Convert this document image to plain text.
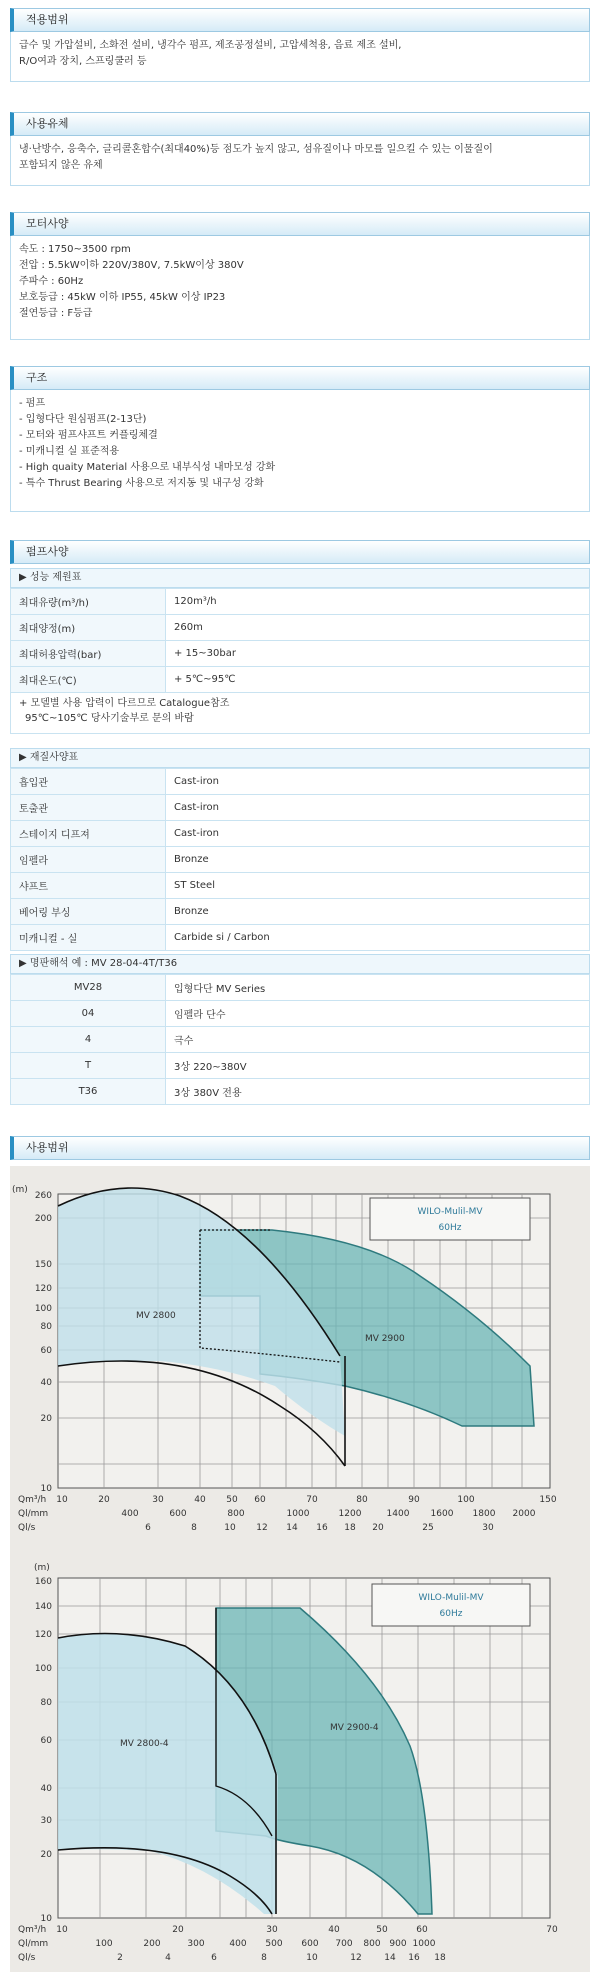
적용범위
급수 및 가압설비, 소화전 설비, 냉각수 펌프, 제조공정설비, 고압세척용, 음료 제조 설비,
R/O여과 장치, 스프링쿨러 등
사용유체
냉·난방수, 응축수, 글리콜혼합수(최대40%)등 점도가 높지 않고, 섬유질이나 마모를 일으킬 수 있는 이물질이
포함되지 않은 유체
모터사양
속도 : 1750~3500 rpm
전압 : 5.5kW이하 220V/380V, 7.5kW이상 380V
주파수 : 60Hz
보호등급 : 45kW 이하 IP55, 45kW 이상 IP23
절연등급 : F등급
구조
- 펌프
- 입형다단 원심펌프(2-13단)
- 모터와 펌프샤프트 커플링체결
- 미캐니컬 실 표준적용
- High quaity Material 사용으로 내부식성 내마모성 강화
- 특수 Thrust Bearing 사용으로 저지동 및 내구성 강화
펌프사양
▶ 성능 제원표
최대유량(m³/h)	120m³/h
최대양정(m)	260m
최대허용압력(bar)	+ 15~30bar
최대온도(℃)	+ 5℃~95℃
+ 모델별 사용 압력이 다르므로 Catalogue참조
95℃~105℃ 당사기술부로 문의 바람
▶ 재질사양표
흡입관	Cast-iron
토출관	Cast-iron
스테이지 디프져	Cast-iron
임펠라	Bronze
샤프트	ST Steel
베어링 부싱	Bronze
미캐니컬 - 실	Carbide si / Carbon
▶ 명판해석 예 : MV 28-04-4T/T36
MV28	입형다단 MV Series
04	임펠라 단수
4	극수
T	3상 220~380V
T36	3상 380V 전용
사용범위
MV 2800
MV 2900
WILO-Mulil-MV
60Hz
(m)
260
200
150
120
100
80
60
40
20
10
Qm³/h
Ql/mm
Ql/s
10	20	30	40 50 60	70	80	90	100	150
400	600	800	1000	1200	1400 1600 1800 2000
6	8	10 12 14 16 18 20	25	30
MV 2800-4
MV 2900-4
WILO-Mulil-MV
60Hz
(m)
160
140
120
100
80
60
40
30
20
10
Qm³/h
Ql/mm
Ql/s
10	20	30	40	50	60	70
100	200	300	400 500 600 700 800 900 1000
2	4	6	8	10	12	14 16 18
